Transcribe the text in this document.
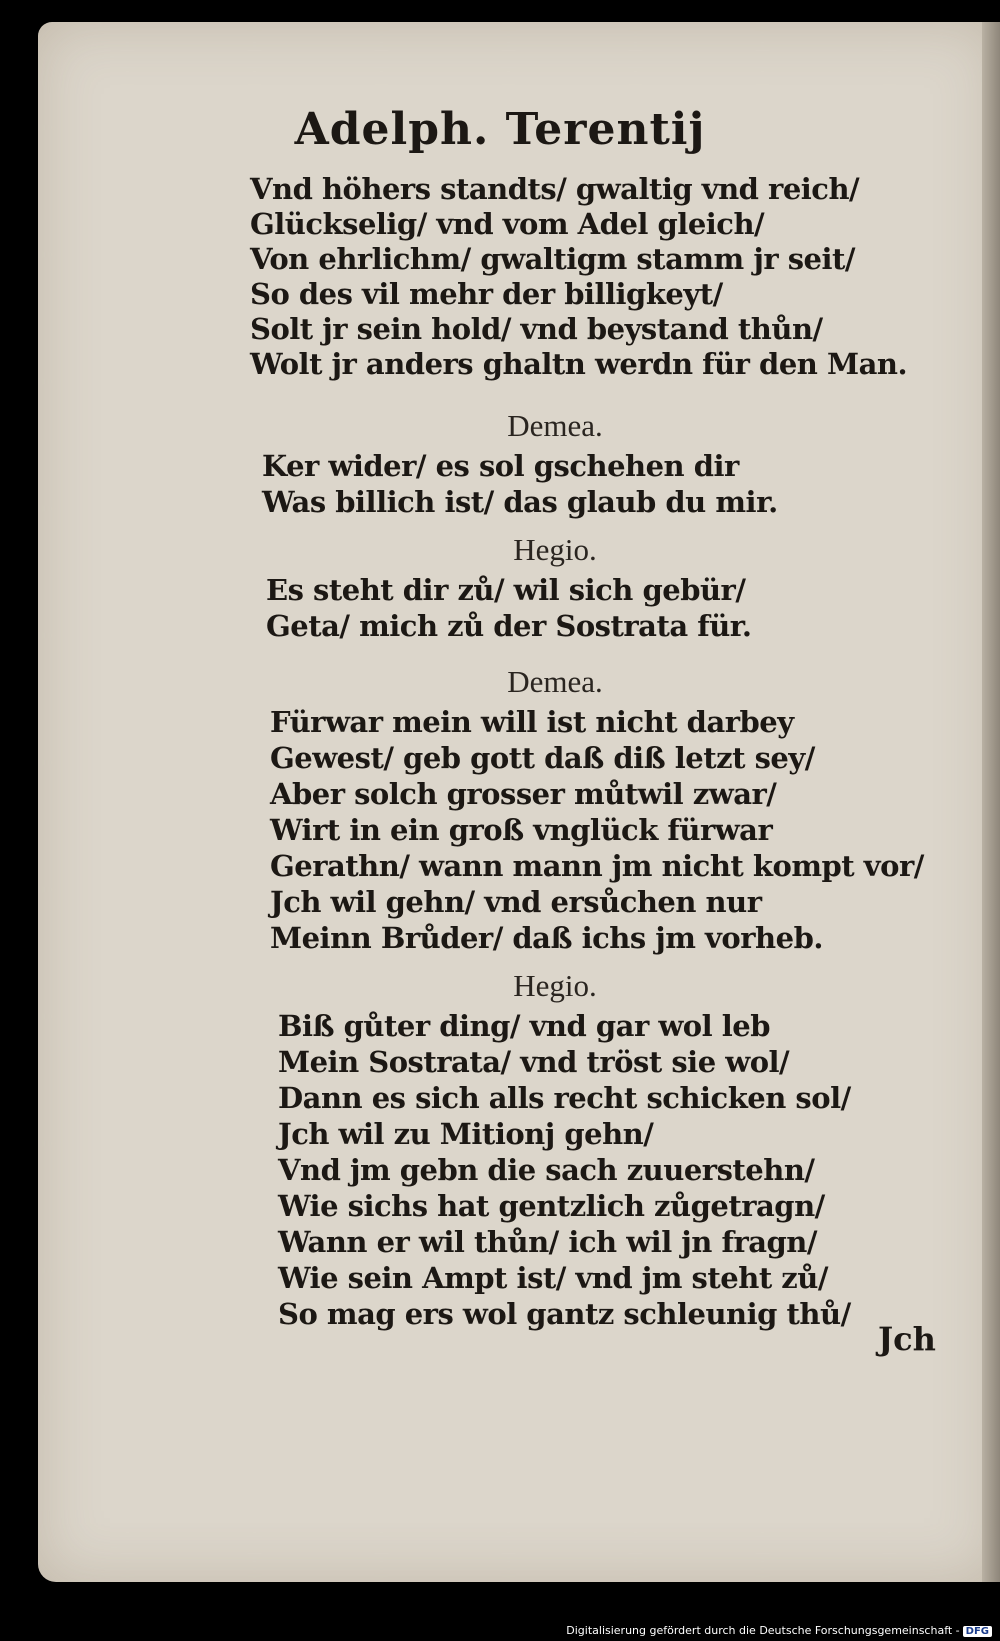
Adelph. Terentij

Vnd höhers standts/ gwaltig vnd reich/

Glückselig/ vnd vom Adel gleich/

Von ehrlichm/ gwaltigm stamm jr seit/

So des vil mehr der billigkeyt/

Solt jr sein hold/ vnd beystand thůn/

Wolt jr anders ghaltn werdn für den Man.

Demea.

Ker wider/ es sol gschehen dir

Was billich ist/ das glaub du mir.

Hegio.

Es steht dir zů/ wil sich gebür/

Geta/ mich zů der Sostrata für.

Demea.

Fürwar mein will ist nicht darbey

Gewest/ geb gott daß diß letzt sey/

Aber solch grosser můtwil zwar/

Wirt in ein groß vnglück fürwar

Gerathn/ wann mann jm nicht kompt vor/

Jch wil gehn/ vnd ersůchen nur

Meinn Brůder/ daß ichs jm vorheb.

Hegio.

Biß gůter ding/ vnd gar wol leb

Mein Sostrata/ vnd tröst sie wol/

Dann es sich alls recht schicken sol/

Jch wil zu Mitionj gehn/

Vnd jm gebn die sach zuuerstehn/

Wie sichs hat gentzlich zůgetragn/

Wann er wil thůn/ ich wil jn fragn/

Wie sein Ampt ist/ vnd jm steht zů/

So mag ers wol gantz schleunig thů/

Jch
Digitalisierung gefördert durch die Deutsche Forschungsgemeinschaft - DFG
